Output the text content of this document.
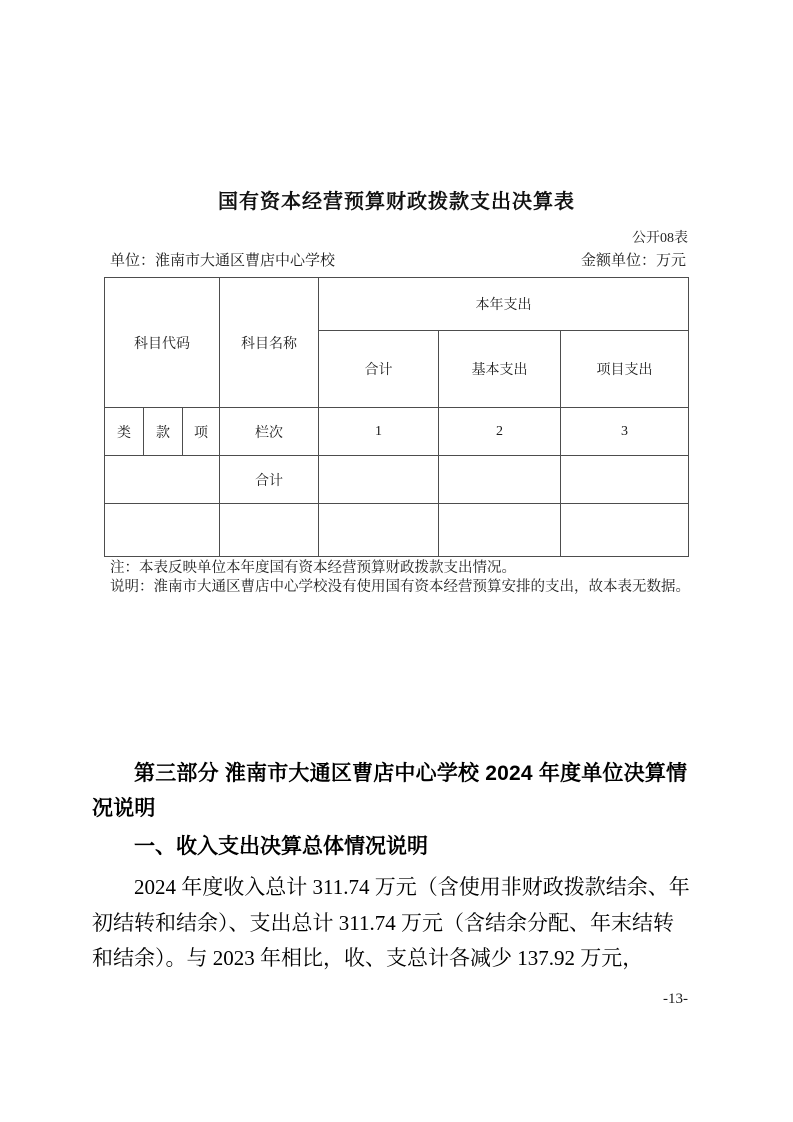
国有资本经营预算财政拨款支出决算表
公开08表
单位：淮南市大通区曹店中心学校	金额单位：万元
科目代码			科目名称	本年支出		
				合计	基本支出	项目支出
类	款	项	栏次	1	2	3
			合计			

注：本表反映单位本年度国有资本经营预算财政拨款支出情况。
说明：淮南市大通区曹店中心学校没有使用国有资本经营预算安排的支出，故本表无数据。
第三部分 淮南市大通区曹店中心学校 2024 年度单位决算情况说明
一、收入支出决算总体情况说明
2024 年度收入总计 311.74 万元（含使用非财政拨款结余、年初结转和结余）、支出总计 311.74 万元（含结余分配、年末结转和结余）。与 2023 年相比，收、支总计各减少 137.92 万元，
-13-
